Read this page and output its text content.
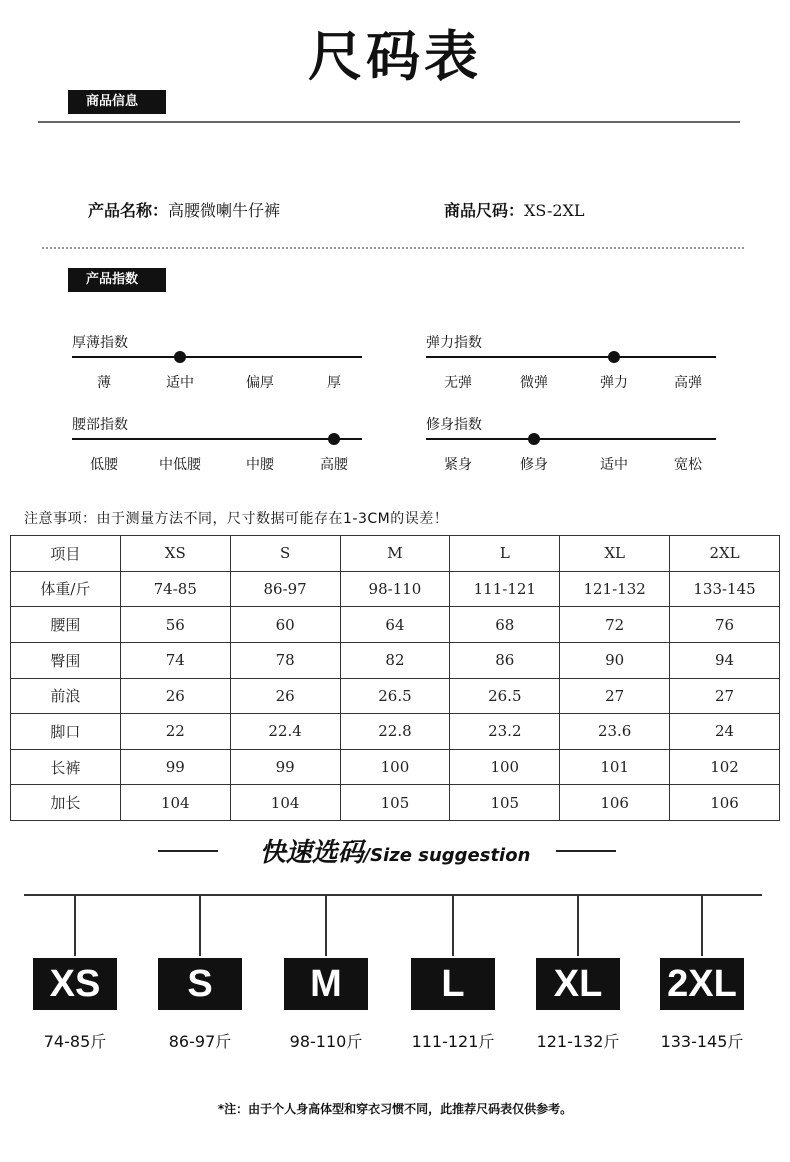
尺码表
商品信息
产品名称：高腰微喇牛仔裤	商品尺码：XS-2XL
产品指数
厚薄指数
薄	适中	偏厚	厚
弹力指数
无弹	微弹	弹力	高弹
腰部指数
低腰	中低腰	中腰	高腰
修身指数
紧身	修身	适中	宽松
注意事项：由于测量方法不同，尺寸数据可能存在1-3CM的误差！
项目	XS	S	M	L	XL	2XL
体重/斤	74-85	86-97	98-110	111-121	121-132	133-145
腰围	56	60	64	68	72	76
臀围	74	78	82	86	90	94
前浪	26	26	26.5	26.5	27	27
脚口	22	22.4	22.8	23.2	23.6	24
长裤	99	99	100	100	101	102
加长	104	104	105	105	106	106
快速选码/Size suggestion
XS
74-85斤
S
86-97斤
M
98-110斤
L
111-121斤
XL
121-132斤
2XL
133-145斤
*注：由于个人身高体型和穿衣习惯不同，此推荐尺码表仅供参考。
